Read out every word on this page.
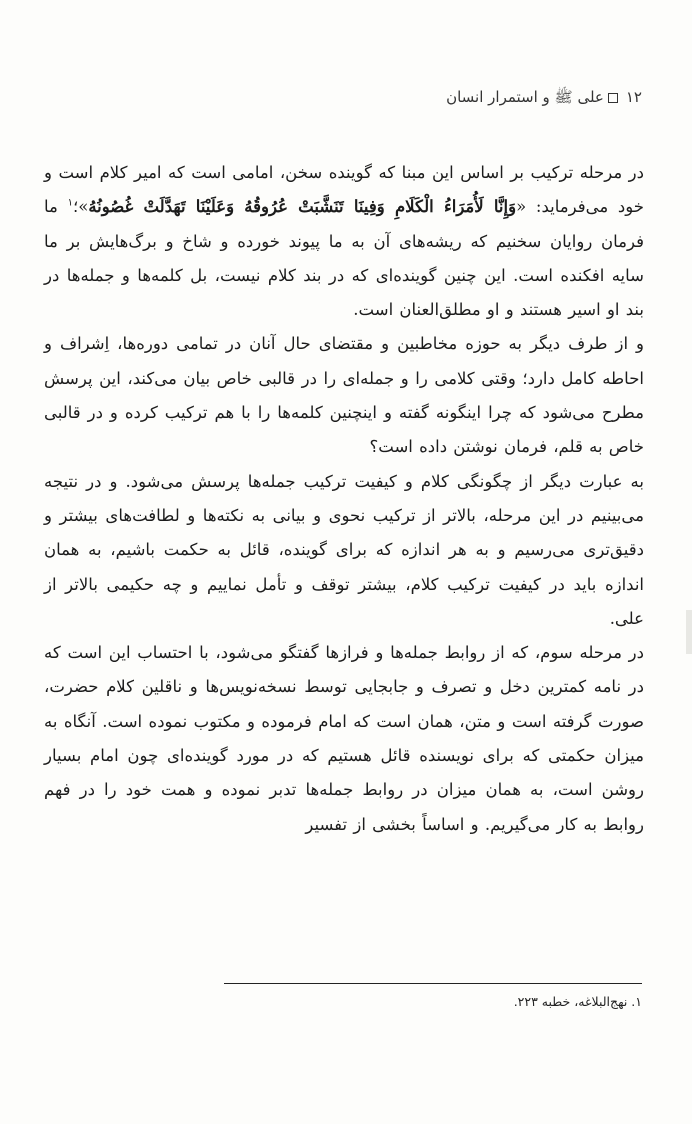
۱۲علی ﷺ و استمرار انسان

در مرحله ترکیب بر اساس این مبنا که گوینده سخن، امامی است که امیر کلام است و خود می‌فرماید: «وَإِنَّا لَأُمَرَاءُ الْكَلَامِ وَفِينَا تَنَشَّبَتْ عُرُوقُهُ وَعَلَيْنَا تَهَدَّلَتْ غُصُونُهُ»؛$^۱$ ما فرمان روایان سخنیم که ریشه‌های آن به ما پیوند خورده و شاخ و برگ‌هایش بر ما سایه افکنده است. این چنین گوینده‌ای که در بند کلام نیست، بل کلمه‌ها و جمله‌ها در بند او اسیر هستند و او مطلق‌العنان است.

و از طرف دیگر به حوزه مخاطبین و مقتضای حال آنان در تمامی دوره‌ها، اِشراف و احاطه کامل دارد؛ وقتی کلامی را و جمله‌ای را در قالبی خاص بیان می‌کند، این پرسش مطرح می‌شود که چرا اینگونه گفته و اینچنین کلمه‌ها را با هم ترکیب کرده و در قالبی خاص به قلم، فرمان نوشتن داده است؟

به عبارت دیگر از چگونگی کلام و کیفیت ترکیب جمله‌ها پرسش می‌شود. و در نتیجه می‌بینیم در این مرحله، بالاتر از ترکیب نحوی و بیانی به نکته‌ها و لطافت‌های بیشتر و دقیق‌تری می‌رسیم و به هر اندازه که برای گوینده، قائل به حکمت باشیم، به همان اندازه باید در کیفیت ترکیب کلام، بیشتر توقف و تأمل نماییم و چه حکیمی بالاتر از علی.

در مرحله سوم، که از روابط جمله‌ها و فرازها گفتگو می‌شود، با احتساب این است که در نامه کمترین دخل و تصرف و جابجایی توسط نسخه‌نویس‌ها و ناقلین کلام حضرت، صورت گرفته است و متن، همان است که امام فرموده و مکتوب نموده است. آنگاه به میزان حکمتی که برای نویسنده قائل هستیم که در مورد گوینده‌ای چون امام بسیار روشن است، به همان میزان در روابط جمله‌ها تدبر نموده و همت خود را در فهم روابط به کار می‌گیریم. و اساساً بخشی از تفسیر

۱. نهج‌البلاغه، خطبه ۲۲۳.
